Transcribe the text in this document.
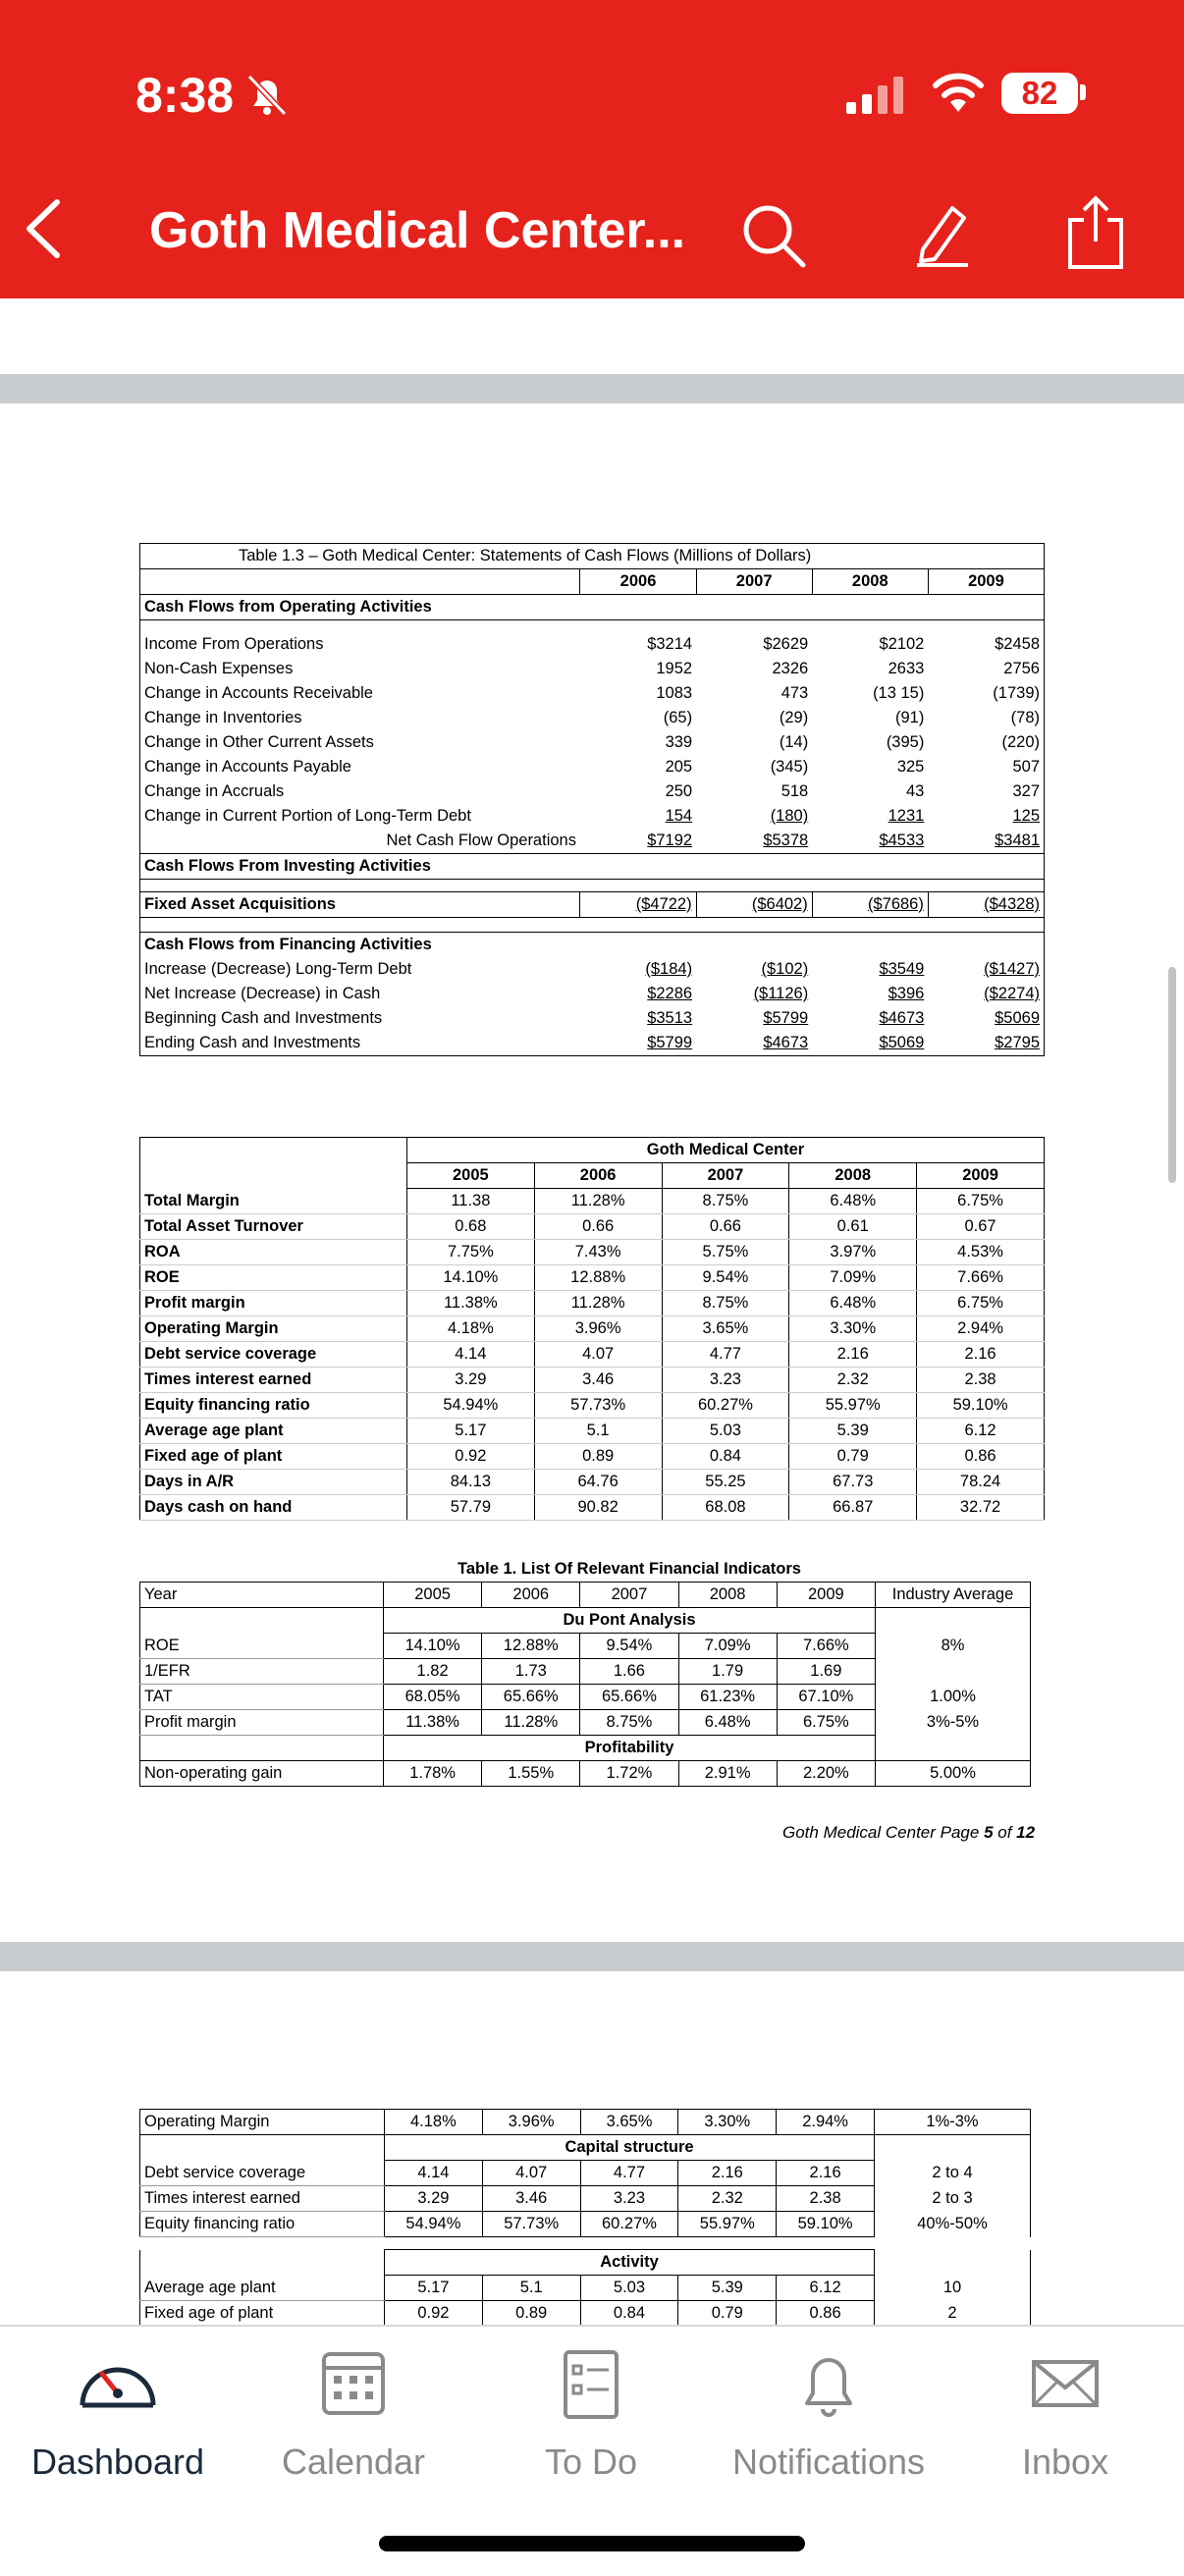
8:38	82
Goth Medical Center...
Table 1.3 – Goth Medical Center: Statements of Cash Flows (Millions of Dollars)				
	2006	2007	2008	2009
Cash Flows from Operating Activities				

Income From Operations	$3214	$2629	$2102	$2458
Non-Cash Expenses	1952	2326	2633	2756
Change in Accounts Receivable	1083	473	(13 15)	(1739)
Change in Inventories	(65)	(29)	(91)	(78)
Change in Other Current Assets	339	(14)	(395)	(220)
Change in Accounts Payable	205	(345)	325	507
Change in Accruals	250	518	43	327
Change in Current Portion of Long-Term Debt	154	(180)	1231	125
Net Cash Flow Operations	$7192	$5378	$4533	$3481
Cash Flows From Investing Activities				

Fixed Asset Acquisitions	($4722)	($6402)	($7686)	($4328)

Cash Flows from Financing Activities				
Increase (Decrease) Long-Term Debt	($184)	($102)	$3549	($1427)
Net Increase (Decrease) in Cash	$2286	($1126)	$396	($2274)
Beginning Cash and Investments	$3513	$5799	$4673	$5069
Ending Cash and Investments	$5799	$4673	$5069	$2795
	Goth Medical Center				
	2005	2006	2007	2008	2009
Total Margin	11.38	11.28%	8.75%	6.48%	6.75%
Total Asset Turnover	0.68	0.66	0.66	0.61	0.67
ROA	7.75%	7.43%	5.75%	3.97%	4.53%
ROE	14.10%	12.88%	9.54%	7.09%	7.66%
Profit margin	11.38%	11.28%	8.75%	6.48%	6.75%
Operating Margin	4.18%	3.96%	3.65%	3.30%	2.94%
Debt service coverage	4.14	4.07	4.77	2.16	2.16
Times interest earned	3.29	3.46	3.23	2.32	2.38
Equity financing ratio	54.94%	57.73%	60.27%	55.97%	59.10%
Average age plant	5.17	5.1	5.03	5.39	6.12
Fixed age of plant	0.92	0.89	0.84	0.79	0.86
Days in A/R	84.13	64.76	55.25	67.73	78.24
Days cash on hand	57.79	90.82	68.08	66.87	32.72
	Table 1. List Of Relevant Financial Indicators					
Year	2005	2006	2007	2008	2009	Industry Average
	Du Pont Analysis					
ROE	14.10%	12.88%	9.54%	7.09%	7.66%	8%
1/EFR	1.82	1.73	1.66	1.79	1.69	
TAT	68.05%	65.66%	65.66%	61.23%	67.10%	1.00%
Profit margin	11.38%	11.28%	8.75%	6.48%	6.75%	3%-5%
	Profitability					
Non-operating gain	1.78%	1.55%	1.72%	2.91%	2.20%	5.00%
Goth Medical Center Page 5 of 12
Operating Margin	4.18%	3.96%	3.65%	3.30%	2.94%	1%-3%
	Capital structure					
Debt service coverage	4.14	4.07	4.77	2.16	2.16	2 to 4
Times interest earned	3.29	3.46	3.23	2.32	2.38	2 to 3
Equity financing ratio	54.94%	57.73%	60.27%	55.97%	59.10%	40%-50%

	Activity					
Average age plant	5.17	5.1	5.03	5.39	6.12	10
Fixed age of plant	0.92	0.89	0.84	0.79	0.86	2
Dashboard	Calendar	To Do	Notifications	Inbox
